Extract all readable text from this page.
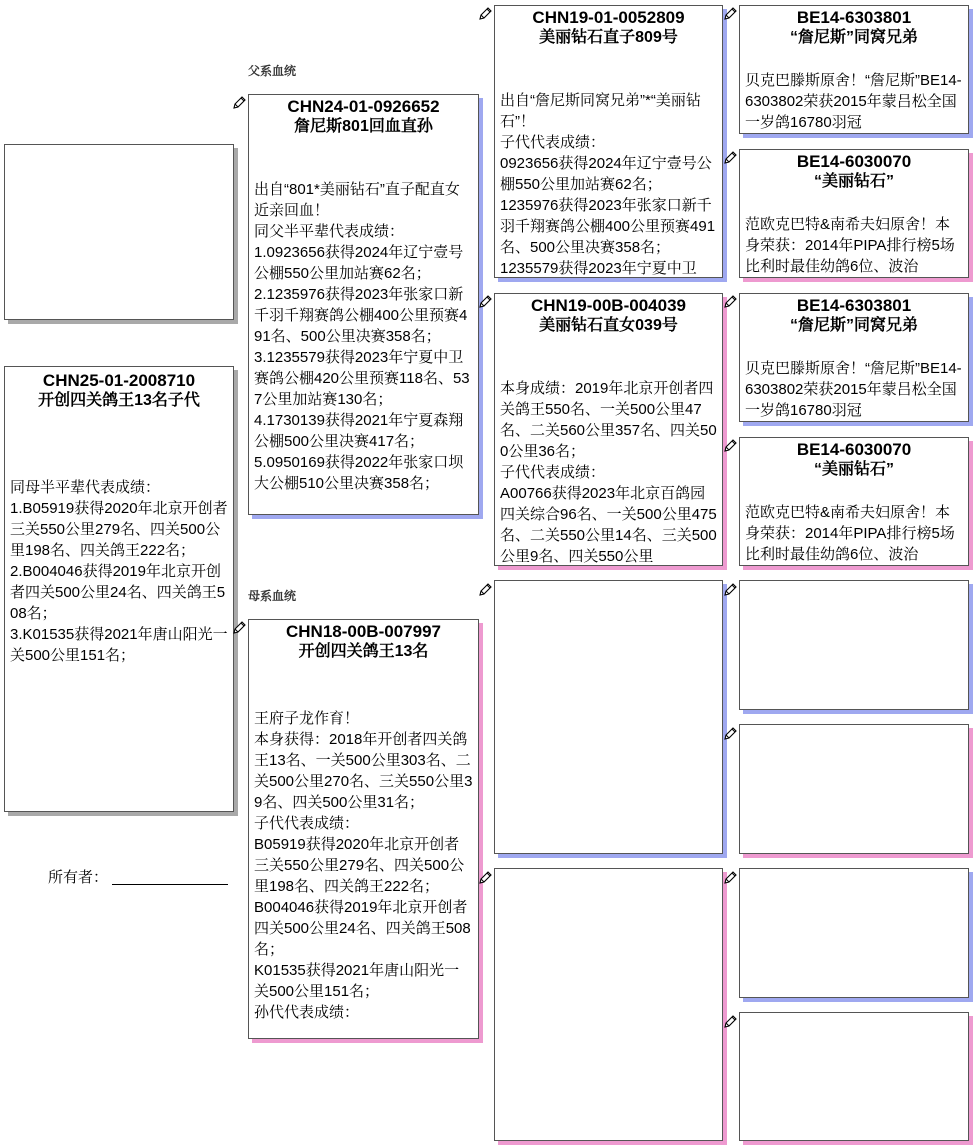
父系血统
母系血统
CHN25-01-2008710
开创四关鸽王13名子代
同母半平辈代表成绩：
1.B05919获得2020年北京开创者三关550公里279名、四关500公里198名、四关鸽王222名；
2.B004046获得2019年北京开创者四关500公里24名、四关鸽王508名；
3.K01535获得2021年唐山阳光一关500公里151名；
所有者：
CHN24-01-0926652
詹尼斯801回血直孙
出自“801*美丽钻石”直子配直女近亲回血！
同父半平辈代表成绩：
1.0923656获得2024年辽宁壹号公棚550公里加站赛62名；
2.1235976获得2023年张家口新千羽千翔赛鸽公棚400公里预赛491名、500公里决赛358名；
3.1235579获得2023年宁夏中卫赛鸽公棚420公里预赛118名、537公里加站赛130名；
4.1730139获得2021年宁夏森翔公棚500公里决赛417名；
5.0950169获得2022年张家口坝大公棚510公里决赛358名；
CHN18-00B-007997
开创四关鸽王13名
王府子龙作育！
本身获得：2018年开创者四关鸽王13名、一关500公里303名、二关500公里270名、三关550公里39名、四关500公里31名；
子代代表成绩：
B05919获得2020年北京开创者三关550公里279名、四关500公里198名、四关鸽王222名；
B004046获得2019年北京开创者四关500公里24名、四关鸽王508名；
K01535获得2021年唐山阳光一关500公里151名；
孙代代表成绩：
CHN19-01-0052809
美丽钻石直子809号
出自“詹尼斯同窝兄弟”*“美丽钻石”！
子代代表成绩：
0923656获得2024年辽宁壹号公棚550公里加站赛62名；
1235976获得2023年张家口新千羽千翔赛鸽公棚400公里预赛491名、500公里决赛358名；
1235579获得2023年宁夏中卫
CHN19-00B-004039
美丽钻石直女039号
本身成绩：2019年北京开创者四关鸽王550名、一关500公里47名、二关560公里357名、四关500公里36名；
子代代表成绩：
A00766获得2023年北京百鸽园四关综合96名、一关500公里475名、二关550公里14名、三关500公里9名、四关550公里
BE14-6303801
“詹尼斯”同窝兄弟
贝克巴滕斯原舍！“詹尼斯”BE14-6303802荣获2015年蒙吕松全国一岁鸽16780羽冠
BE14-6030070
“美丽钻石”
范欧克巴特&南希夫妇原舍！本身荣获：2014年PIPA排行榜5场比利时最佳幼鸽6位、波治
BE14-6303801
“詹尼斯”同窝兄弟
贝克巴滕斯原舍！“詹尼斯”BE14-6303802荣获2015年蒙吕松全国一岁鸽16780羽冠
BE14-6030070
“美丽钻石”
范欧克巴特&南希夫妇原舍！本身荣获：2014年PIPA排行榜5场比利时最佳幼鸽6位、波治
